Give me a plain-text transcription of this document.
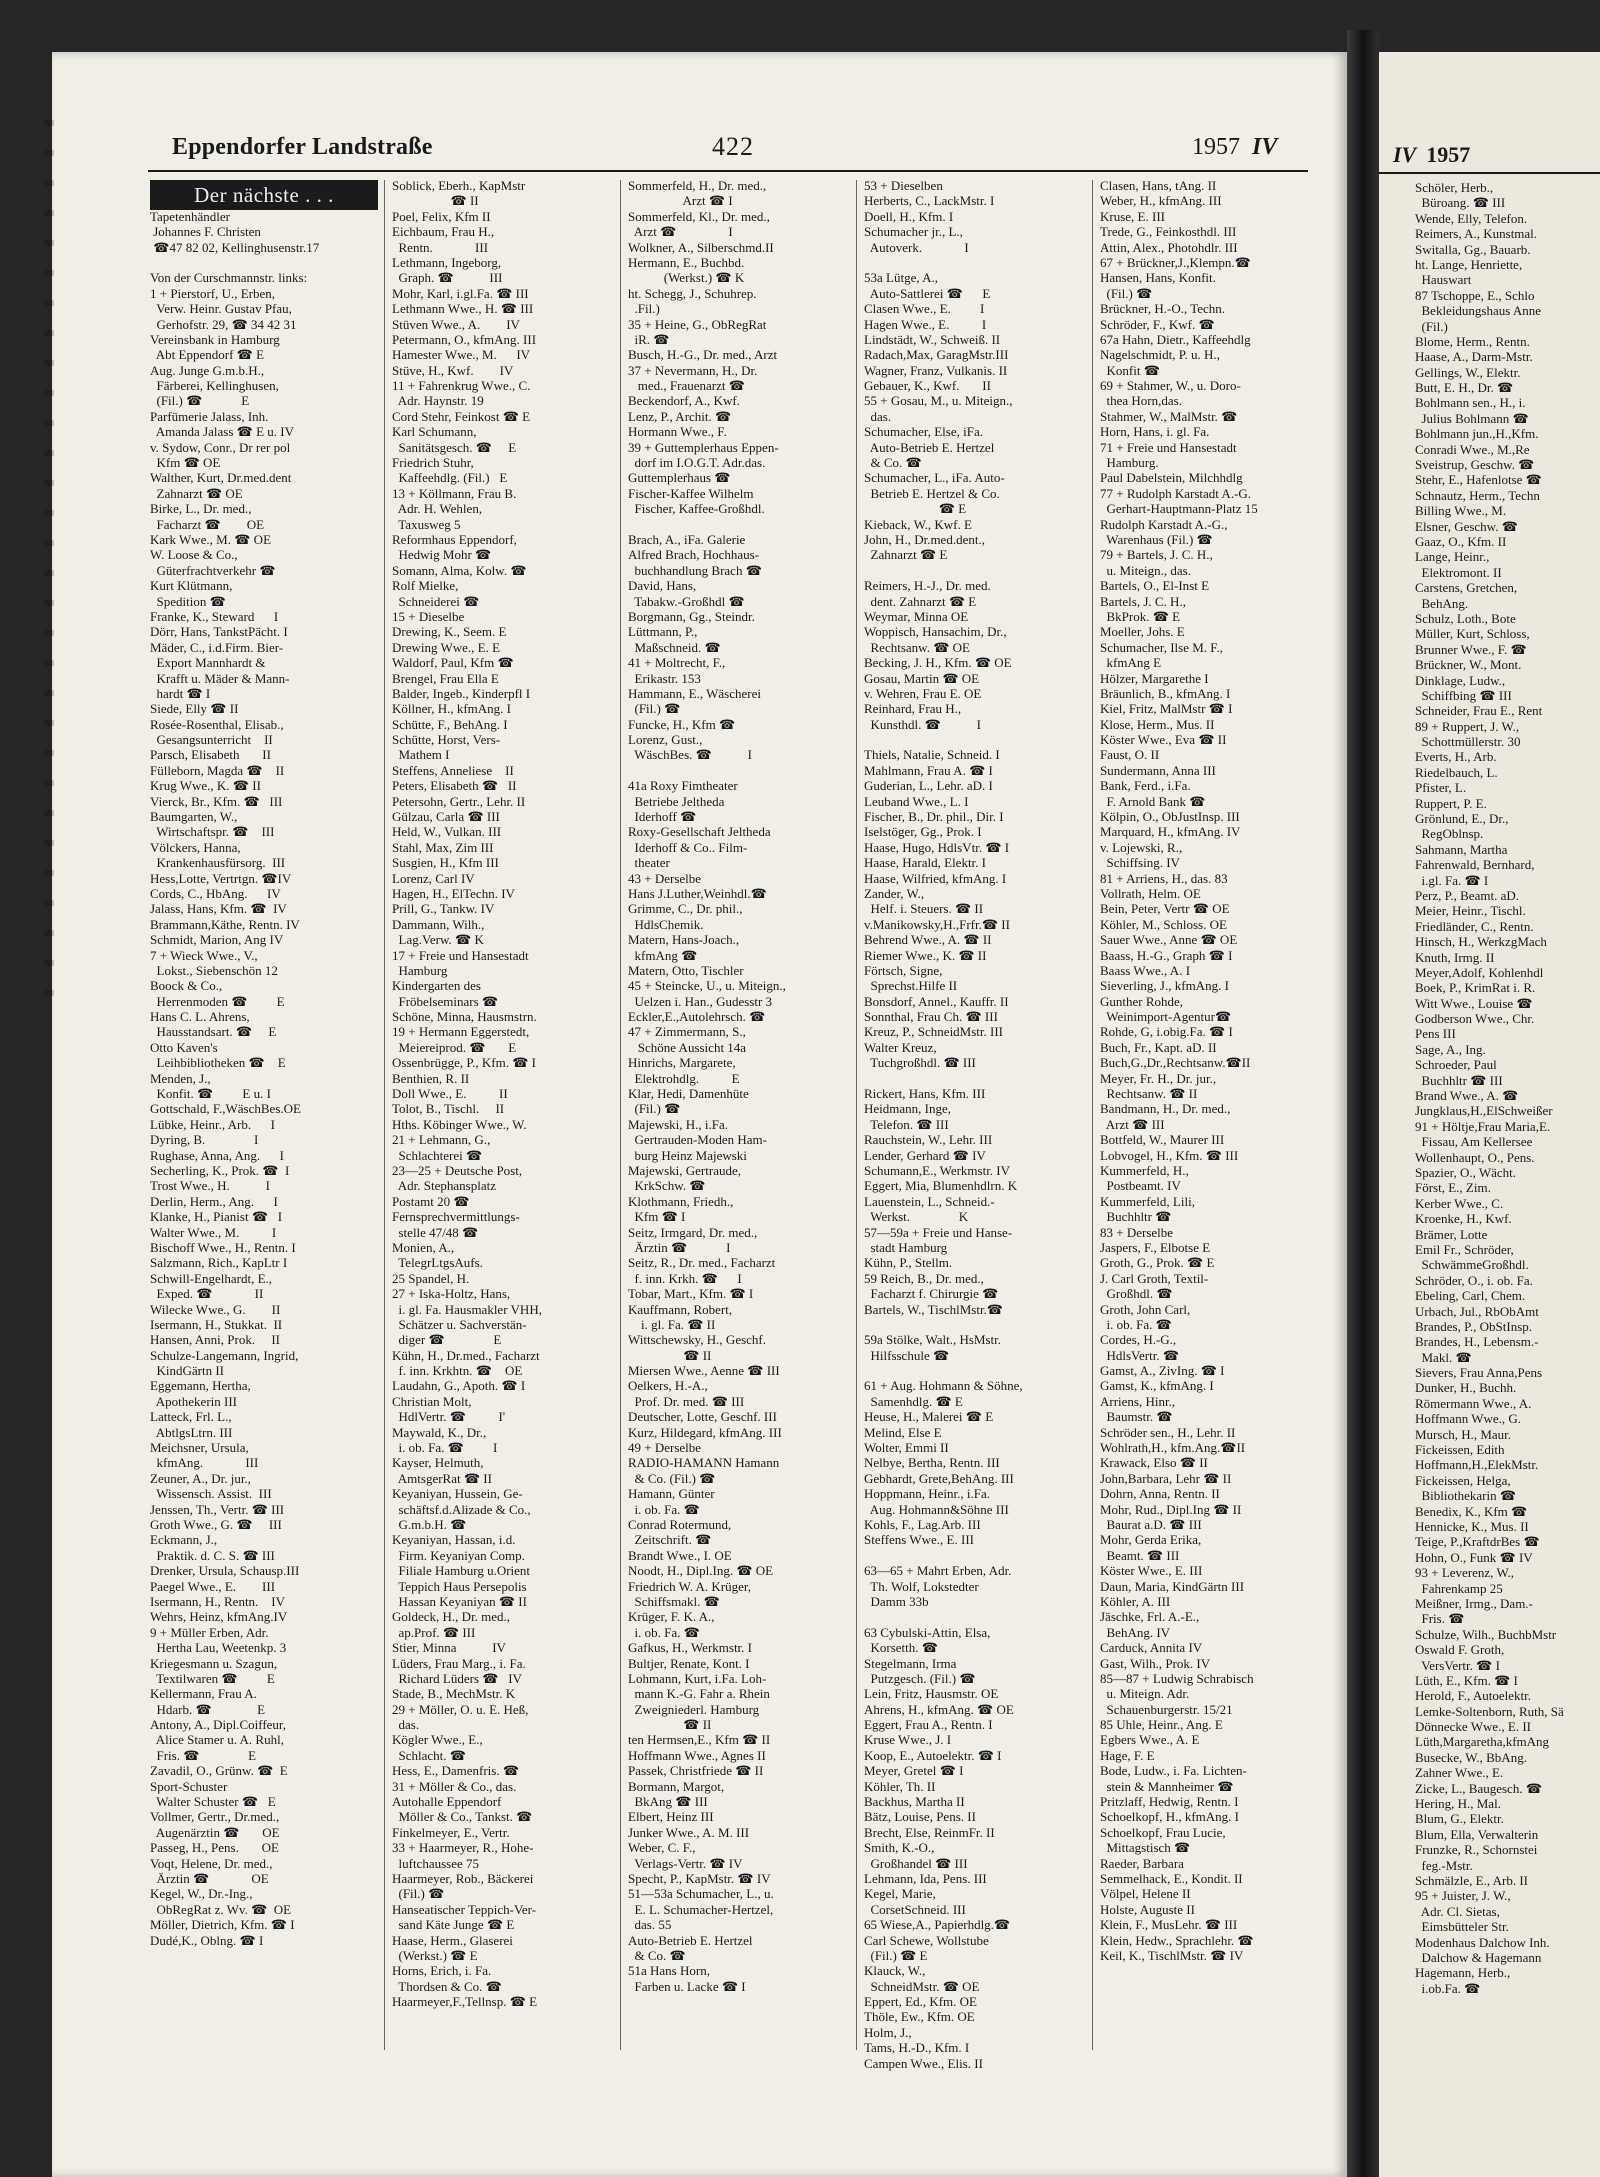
Eppendorfer Landstraße	422	1957 IV
Der nächste . . .
Tapetenhändler
Johannes F. Christen
☎47 82 02, Kellinghusenstr.17
Von der Curschmannstr. links:
1 + Pierstorf, U., Erben,
Verw. Heinr. Gustav Pfau,
Gerhofstr. 29, ☎ 34 42 31
Vereinsbank in Hamburg
Abt Eppendorf ☎ E
Aug. Junge G.m.b.H.,
Färberei, Kellinghusen,
(Fil.) ☎            E
Parfümerie Jalass, Inh.
Amanda Jalass ☎ E u. IV
v. Sydow, Conr., Dr rer pol
Kfm ☎ OE
Walther, Kurt, Dr.med.dent
Zahnarzt ☎ OE
Birke, L., Dr. med.,
Facharzt ☎        OE
Kark Wwe., M. ☎ OE
W. Loose & Co.,
Güterfrachtverkehr ☎
Kurt Klütmann,
Spedition ☎
Franke, K., Steward      I
Dörr, Hans, TankstPächt. I
Mäder, C., i.d.Firm. Bier-
Export Mannhardt &
Krafft u. Mäder & Mann-
hardt ☎ I
Siede, Elly ☎ II
Rosée-Rosenthal, Elisab.,
Gesangsunterricht    II
Parsch, Elisabeth       II
Fülleborn, Magda ☎    II
Krug Wwe., K. ☎ II
Vierck, Br., Kfm. ☎   III
Baumgarten, W.,
Wirtschaftspr. ☎    III
Völckers, Hanna,
Krankenhausfürsorg.  III
Hess,Lotte, Vertrtgn. ☎IV
Cords, C., HbAng.      IV
Jalass, Hans, Kfm. ☎  IV
Brammann,Käthe, Rentn. IV
Schmidt, Marion, Ang IV
7 + Wieck Wwe., V.,
Lokst., Siebenschön 12
Boock & Co.,
Herrenmoden ☎         E
Hans C. L. Ahrens,
Hausstandsart. ☎     E
Otto Kaven's
Leihbibliotheken ☎    E
Menden, J.,
Konfit. ☎         E u. I
Gottschald, F.,WäschBes.OE
Lübke, Heinr., Arb.      I
Dyring, B.               I
Rughase, Anna, Ang.      I
Secherling, K., Prok. ☎  I
Trost Wwe., H.           I
Derlin, Herm., Ang.      I
Klanke, H., Pianist ☎   I
Walter Wwe., M.          I
Bischoff Wwe., H., Rentn. I
Salzmann, Rich., KapLtr I
Schwill-Engelhardt, E.,
Exped. ☎             II
Wilecke Wwe., G.        II
Isermann, H., Stukkat.  II
Hansen, Anni, Prok.     II
Schulze-Langemann, Ingrid,
KindGärtn II
Eggemann, Hertha,
Apothekerin III
Latteck, Frl. L.,
AbtlgsLtrn. III
Meichsner, Ursula,
kfmAng.             III
Zeuner, A., Dr. jur.,
Wissensch. Assist.  III
Jenssen, Th., Vertr. ☎ III
Groth Wwe., G. ☎     III
Eckmann, J.,
Praktik. d. C. S. ☎ III
Drenker, Ursula, Schausp.III
Paegel Wwe., E.        III
Isermann, H., Rentn.    IV
Wehrs, Heinz, kfmAng.IV
9 + Müller Erben, Adr.
Hertha Lau, Weetenkp. 3
Kriegesmann u. Szagun,
Textilwaren ☎         E
Kellermann, Frau A.
Hdarb. ☎              E
Antony, A., Dipl.Coiffeur,
Alice Stamer u. A. Ruhl,
Fris. ☎               E
Zavadil, O., Grünw. ☎  E
Sport-Schuster
Walter Schuster ☎   E
Vollmer, Gertr., Dr.med.,
Augenärztin ☎       OE
Passeg, H., Pens.       OE
Voqt, Helene, Dr. med.,
Ärztin ☎             OE
Kegel, W., Dr.-Ing.,
ObRegRat z. Wv. ☎  OE
Möller, Dietrich, Kfm. ☎ I
Dudé,K., Oblng. ☎ I
Soblick, Eberh., KapMstr
☎ II
Poel, Felix, Kfm II
Eichbaum, Frau H.,
Rentn.             III
Lethmann, Ingeborg,
Graph. ☎           III
Mohr, Karl, i.gl.Fa. ☎ III
Lethmann Wwe., H. ☎ III
Stüven Wwe., A.        IV
Petermann, O., kfmAng. III
Hamester Wwe., M.      IV
Stüve, H., Kwf.        IV
11 + Fahrenkrug Wwe., C.
Adr. Haynstr. 19
Cord Stehr, Feinkost ☎ E
Karl Schumann,
Sanitätsgesch. ☎     E
Friedrich Stuhr,
Kaffeehdlg. (Fil.)   E
13 + Köllmann, Frau B.
Adr. H. Wehlen,
Taxusweg 5
Reformhaus Eppendorf,
Hedwig Mohr ☎
Somann, Alma, Kolw. ☎
Rolf Mielke,
Schneiderei ☎
15 + Dieselbe
Drewing, K., Seem. E
Drewing Wwe., E. E
Waldorf, Paul, Kfm ☎
Brengel, Frau Ella E
Balder, Ingeb., Kinderpfl I
Köllner, H., kfmAng. I
Schütte, F., BehAng. I
Schütte, Horst, Vers-
Mathem I
Steffens, Anneliese    II
Peters, Elisabeth ☎   II
Petersohn, Gertr., Lehr. II
Gülzau, Carla ☎ III
Held, W., Vulkan. III
Stahl, Max, Zim III
Susgien, H., Kfm III
Lorenz, Carl IV
Hagen, H., ElTechn. IV
Prill, G., Tankw. IV
Dammann, Wilh.,
Lag.Verw. ☎ K
17 + Freie und Hansestadt
Hamburg
Kindergarten des
Fröbelseminars ☎
Schöne, Minna, Hausmstrn.
19 + Hermann Eggerstedt,
Meiereiprod. ☎       E
Ossenbrügge, P., Kfm. ☎ I
Benthien, R. II
Doll Wwe., E.          II
Tolot, B., Tischl.     II
Hths. Köbinger Wwe., W.
21 + Lehmann, G.,
Schlachterei ☎
23—25 + Deutsche Post,
Adr. Stephansplatz
Postamt 20 ☎
Fernsprechvermittlungs-
stelle 47/48 ☎
Monien, A.,
TelegrLtgsAufs.
25 Spandel, H.
27 + Iska-Holtz, Hans,
i. gl. Fa. Hausmakler VHH,
Schätzer u. Sachverstän-
diger ☎               E
Kühn, H., Dr.med., Facharzt
f. inn. Krkhtn. ☎    OE
Laudahn, G., Apoth. ☎ I
Christian Molt,
HdlVertr. ☎          I'
Maywald, K., Dr.,
i. ob. Fa. ☎         I
Kayser, Helmuth,
AmtsgerRat ☎ II
Keyaniyan, Hussein, Ge-
schäftsf.d.Alizade & Co.,
G.m.b.H. ☎
Keyaniyan, Hassan, i.d.
Firm. Keyaniyan Comp.
Filiale Hamburg u.Orient
Teppich Haus Persepolis
Hassan Keyaniyan ☎ II
Goldeck, H., Dr. med.,
ap.Prof. ☎ III
Stier, Minna           IV
Lüders, Frau Marg., i. Fa.
Richard Lüders ☎   IV
Stade, B., MechMstr. K
29 + Möller, O. u. E. Heß,
das.
Kögler Wwe., E.,
Schlacht. ☎
Hess, E., Damenfris. ☎
31 + Möller & Co., das.
Autohalle Eppendorf
Möller & Co., Tankst. ☎
Finkelmeyer, E., Vertr.
33 + Haarmeyer, R., Hohe-
luftchaussee 75
Haarmeyer, Rob., Bäckerei
(Fil.) ☎
Hanseatischer Teppich-Ver-
sand Käte Junge ☎ E
Haase, Herm., Glaserei
(Werkst.) ☎ E
Horns, Erich, i. Fa.
Thordsen & Co. ☎
Haarmeyer,F.,Tellnsp. ☎ E
Sommerfeld, H., Dr. med.,
Arzt ☎ I
Sommerfeld, Kl., Dr. med.,
Arzt ☎                I
Wolkner, A., Silberschmd.II
Hermann, E., Buchbd.
(Werkst.) ☎ K
ht. Schegg, J., Schuhrep.
.Fil.)
35 + Heine, G., ObRegRat
iR. ☎
Busch, H.-G., Dr. med., Arzt
37 + Nevermann, H., Dr.
med., Frauenarzt ☎
Beckendorf, A., Kwf.
Lenz, P., Archit. ☎
Hormann Wwe., F.
39 + Guttemplerhaus Eppen-
dorf im I.O.G.T. Adr.das.
Guttemplerhaus ☎
Fischer-Kaffee Wilhelm
Fischer, Kaffee-Großhdl.
Brach, A., iFa. Galerie
Alfred Brach, Hochhaus-
buchhandlung Brach ☎
David, Hans,
Tabakw.-Großhdl ☎
Borgmann, Gg., Steindr.
Lüttmann, P.,
Maßschneid. ☎
41 + Moltrecht, F.,
Erikastr. 153
Hammann, E., Wäscherei
(Fil.) ☎
Funcke, H., Kfm ☎
Lorenz, Gust.,
WäschBes. ☎           I
41a Roxy Fimtheater
Betriebe Jeltheda
Iderhoff ☎
Roxy-Gesellschaft Jeltheda
Iderhoff & Co.. Film-
theater
43 + Derselbe
Hans J.Luther,Weinhdl.☎
Grimme, C., Dr. phil.,
HdlsChemik.
Matern, Hans-Joach.,
kfmAng ☎
Matern, Otto, Tischler
45 + Steincke, U., u. Miteign.,
Uelzen i. Han., Gudesstr 3
Eckler,E.,Autolehrsch. ☎
47 + Zimmermann, S.,
Schöne Aussicht 14a
Hinrichs, Margarete,
Elektrohdlg.          E
Klar, Hedi, Damenhüte
(Fil.) ☎
Majewski, H., i.Fa.
Gertrauden-Moden Ham-
burg Heinz Majewski
Majewski, Gertraude,
KrkSchw. ☎
Klothmann, Friedh.,
Kfm ☎ I
Seitz, Irmgard, Dr. med.,
Ärztin ☎            I
Seitz, R., Dr. med., Facharzt
f. inn. Krkh. ☎      I
Tobar, Mart., Kfm. ☎ I
Kauffmann, Robert,
i. gl. Fa. ☎ II
Wittschewsky, H., Geschf.
☎ II
Miersen Wwe., Aenne ☎ III
Oelkers, H.-A.,
Prof. Dr. med. ☎ III
Deutscher, Lotte, Geschf. III
Kurz, Hildegard, kfmAng. III
49 + Derselbe
RADIO-HAMANN Hamann
& Co. (Fil.) ☎
Hamann, Günter
i. ob. Fa. ☎
Conrad Rotermund,
Zeitschrift. ☎
Brandt Wwe., I. OE
Noodt, H., Dipl.Ing. ☎ OE
Friedrich W. A. Krüger,
Schiffsmakl. ☎
Krüger, F. K. A.,
i. ob. Fa. ☎
Gafkus, H., Werkmstr. I
Bultjer, Renate, Kont. I
Lohmann, Kurt, i.Fa. Loh-
mann K.-G. Fahr a. Rhein
Zweigniederl. Hamburg
☎ II
ten Hermsen,E., Kfm ☎ II
Hoffmann Wwe., Agnes II
Passek, Christfriede ☎ II
Bormann, Margot,
BkAng ☎ III
Elbert, Heinz III
Junker Wwe., A. M. III
Weber, C. F.,
Verlags-Vertr. ☎ IV
Specht, P., KapMstr. ☎ IV
51—53a Schumacher, L., u.
E. L. Schumacher-Hertzel,
das. 55
Auto-Betrieb E. Hertzel
& Co. ☎
51a Hans Horn,
Farben u. Lacke ☎ I
53 + Dieselben
Herberts, C., LackMstr. I
Doell, H., Kfm. I
Schumacher jr., L.,
Autoverk.             I
53a Lütge, A.,
Auto-Sattlerei ☎      E
Clasen Wwe., E.         I
Hagen Wwe., E.          I
Lindstädt, W., Schweiß. II
Radach,Max, GaragMstr.III
Wagner, Franz, Vulkanis. II
Gebauer, K., Kwf.       II
55 + Gosau, M., u. Miteign.,
das.
Schumacher, Else, iFa.
Auto-Betrieb E. Hertzel
& Co. ☎
Schumacher, L., iFa. Auto-
Betrieb E. Hertzel & Co.
☎ E
Kieback, W., Kwf. E
John, H., Dr.med.dent.,
Zahnarzt ☎ E
Reimers, H.-J., Dr. med.
dent. Zahnarzt ☎ E
Weymar, Minna OE
Woppisch, Hansachim, Dr.,
Rechtsanw. ☎ OE
Becking, J. H., Kfm. ☎ OE
Gosau, Martin ☎ OE
v. Wehren, Frau E. OE
Reinhard, Frau H.,
Kunsthdl. ☎           I
Thiels, Natalie, Schneid. I
Mahlmann, Frau A. ☎ I
Guderian, L., Lehr. aD. I
Leuband Wwe., L. I
Fischer, B., Dr. phil., Dir. I
Iselstöger, Gg., Prok. I
Haase, Hugo, HdlsVtr. ☎ I
Haase, Harald, Elektr. I
Haase, Wilfried, kfmAng. I
Zander, W.,
Helf. i. Steuers. ☎ II
v.Manikowsky,H.,Frfr.☎ II
Behrend Wwe., A. ☎ II
Riemer Wwe., K. ☎ II
Förtsch, Signe,
Sprechst.Hilfe II
Bonsdorf, Annel., Kauffr. II
Sonnthal, Frau Ch. ☎ III
Kreuz, P., SchneidMstr. III
Walter Kreuz,
Tuchgroßhdl. ☎ III
Rickert, Hans, Kfm. III
Heidmann, Inge,
Telefon. ☎ III
Rauchstein, W., Lehr. III
Lender, Gerhard ☎ IV
Schumann,E., Werkmstr. IV
Eggert, Mia, Blumenhdlrn. K
Lauenstein, L., Schneid.-
Werkst.               K
57—59a + Freie und Hanse-
stadt Hamburg
Kühn, P., Stellm.
59 Reich, B., Dr. med.,
Facharzt f. Chirurgie ☎
Bartels, W., TischlMstr.☎
59a Stölke, Walt., HsMstr.
Hilfsschule ☎
61 + Aug. Hohmann & Söhne,
Samenhdlg. ☎ E
Heuse, H., Malerei ☎ E
Melind, Else E
Wolter, Emmi II
Nelbye, Bertha, Rentn. III
Gebhardt, Grete,BehAng. III
Hoppmann, Heinr., i.Fa.
Aug. Hohmann&Söhne III
Kohls, F., Lag.Arb. III
Steffens Wwe., E. III
63—65 + Mahrt Erben, Adr.
Th. Wolf, Lokstedter
Damm 33b
63 Cybulski-Attin, Elsa,
Korsetth. ☎
Stegelmann, Irma
Putzgesch. (Fil.) ☎
Lein, Fritz, Hausmstr. OE
Ahrens, H., kfmAng. ☎ OE
Eggert, Frau A., Rentn. I
Kruse Wwe., J. I
Koop, E., Autoelektr. ☎ I
Meyer, Gretel ☎ I
Köhler, Th. II
Backhus, Martha II
Bätz, Louise, Pens. II
Brecht, Else, ReinmFr. II
Smith, K.-O.,
Großhandel ☎ III
Lehmann, Ida, Pens. III
Kegel, Marie,
CorsetSchneid. III
65 Wiese,A., Papierhdlg.☎
Carl Schewe, Wollstube
(Fil.) ☎ E
Klauck, W.,
SchneidMstr. ☎ OE
Eppert, Ed., Kfm. OE
Thöle, Ew., Kfm. OE
Holm, J.,
Tams, H.-D., Kfm. I
Campen Wwe., Elis. II
Clasen, Hans, tAng. II
Weber, H., kfmAng. III
Kruse, E. III
Trede, G., Feinkosthdl. III
Attin, Alex., Photohdlr. III
67 + Brückner,J.,Klempn.☎
Hansen, Hans, Konfit.
(Fil.) ☎
Brückner, H.-O., Techn.
Schröder, F., Kwf. ☎
67a Hahn, Dietr., Kaffeehdlg
Nagelschmidt, P. u. H.,
Konfit ☎
69 + Stahmer, W., u. Doro-
thea Horn,das.
Stahmer, W., MalMstr. ☎
Horn, Hans, i. gl. Fa.
71 + Freie und Hansestadt
Hamburg.
Paul Dabelstein, Milchhdlg
77 + Rudolph Karstadt A.-G.
Gerhart-Hauptmann-Platz 15
Rudolph Karstadt A.-G.,
Warenhaus (Fil.) ☎
79 + Bartels, J. C. H.,
u. Miteign., das.
Bartels, O., El-Inst E
Bartels, J. C. H.,
BkProk. ☎ E
Moeller, Johs. E
Schumacher, Ilse M. F.,
kfmAng E
Hölzer, Margarethe I
Bräunlich, B., kfmAng. I
Kiel, Fritz, MalMstr ☎ I
Klose, Herm., Mus. II
Köster Wwe., Eva ☎ II
Faust, O. II
Sundermann, Anna III
Bank, Ferd., i.Fa.
F. Arnold Bank ☎
Kölpin, O., ObJustInsp. III
Marquard, H., kfmAng. IV
v. Lojewski, R.,
Schiffsing. IV
81 + Arriens, H., das. 83
Vollrath, Helm. OE
Bein, Peter, Vertr ☎ OE
Köhler, M., Schloss. OE
Sauer Wwe., Anne ☎ OE
Baass, H.-G., Graph ☎ I
Baass Wwe., A. I
Sieverling, J., kfmAng. I
Gunther Rohde,
Weinimport-Agentur☎
Rohde, G, i.obig.Fa. ☎ I
Buch, Fr., Kapt. aD. II
Buch,G.,Dr.,Rechtsanw.☎II
Meyer, Fr. H., Dr. jur.,
Rechtsanw. ☎ II
Bandmann, H., Dr. med.,
Arzt ☎ III
Bottfeld, W., Maurer III
Lobvogel, H., Kfm. ☎ III
Kummerfeld, H.,
Postbeamt. IV
Kummerfeld, Lili,
Buchhltr ☎
83 + Derselbe
Jaspers, F., Elbotse E
Groth, G., Prok. ☎ E
J. Carl Groth, Textil-
Großhdl. ☎
Groth, John Carl,
i. ob. Fa. ☎
Cordes, H.-G.,
HdlsVertr. ☎
Gamst, A., ZivIng. ☎ I
Gamst, K., kfmAng. I
Arriens, Hinr.,
Baumstr. ☎
Schröder sen., H., Lehr. II
Wohlrath,H., kfm.Ang.☎II
Krawack, Elso ☎ II
John,Barbara, Lehr ☎ II
Dohrn, Anna, Rentn. II
Mohr, Rud., Dipl.Ing ☎ II
Baurat a.D. ☎ III
Mohr, Gerda Erika,
Beamt. ☎ III
Köster Wwe., E. III
Daun, Maria, KindGärtn III
Köhler, A. III
Jäschke, Frl. A.-E.,
BehAng. IV
Carduck, Annita IV
Gast, Wilh., Prok. IV
85—87 + Ludwig Schrabisch
u. Miteign. Adr.
Schauenburgerstr. 15/21
85 Uhle, Heinr., Ang. E
Egbers Wwe., A. E
Hage, F. E
Bode, Ludw., i. Fa. Lichten-
stein & Mannheimer ☎
Pritzlaff, Hedwig, Rentn. I
Schoelkopf, H., kfmAng. I
Schoelkopf, Frau Lucie,
Mittagstisch ☎
Raeder, Barbara
Semmelhack, E., Kondit. II
Völpel, Helene II
Holste, Auguste II
Klein, F., MusLehr. ☎ III
Klein, Hedw., Sprachlehr. ☎
Keil, K., TischlMstr. ☎ IV
IV 1957
Schöler, Herb.,
Büroang. ☎ III
Wende, Elly, Telefon.
Reimers, A., Kunstmal.
Switalla, Gg., Bauarb.
ht. Lange, Henriette,
Hauswart
87 Tschoppe, E., Schlo
Bekleidungshaus Anne
(Fil.)
Blome, Herm., Rentn.
Haase, A., Darm-Mstr.
Gellings, W., Elektr.
Butt, E. H., Dr. ☎
Bohlmann sen., H., i.
Julius Bohlmann ☎
Bohlmann jun.,H.,Kfm.
Conradi Wwe., M.,Re
Sveistrup, Geschw. ☎
Stehr, E., Hafenlotse ☎
Schnautz, Herm., Techn
Billing Wwe., M.
Elsner, Geschw. ☎
Gaaz, O., Kfm. II
Lange, Heinr.,
Elektromont. II
Carstens, Gretchen,
BehAng.
Schulz, Loth., Bote
Müller, Kurt, Schloss,
Brunner Wwe., F. ☎
Brückner, W., Mont.
Dinklage, Ludw.,
Schiffbing ☎ III
Schneider, Frau E., Rent
89 + Ruppert, J. W.,
Schottmüllerstr. 30
Everts, H., Arb.
Riedelbauch, L.
Pfister, L.
Ruppert, P. E.
Grönlund, E., Dr.,
RegOblnsp.
Sahmann, Martha
Fahrenwald, Bernhard,
i.gl. Fa. ☎ I
Perz, P., Beamt. aD.
Meier, Heinr., Tischl.
Friedländer, C., Rentn.
Hinsch, H., WerkzgMach
Knuth, Irmg. II
Meyer,Adolf, Kohlenhdl
Boek, P., KrimRat i. R.
Witt Wwe., Louise ☎
Godberson Wwe., Chr.
Pens III
Sage, A., Ing.
Schroeder, Paul
Buchhltr ☎ III
Brand Wwe., A. ☎
Jungklaus,H.,ElSchweißer
91 + Höltje,Frau Maria,E.
Fissau, Am Kellersee
Wollenhaupt, O., Pens.
Spazier, O., Wächt.
Först, E., Zim.
Kerber Wwe., C.
Kroenke, H., Kwf.
Brämer, Lotte
Emil Fr., Schröder,
SchwämmeGroßhdl.
Schröder, O., i. ob. Fa.
Ebeling, Carl, Chem.
Urbach, Jul., RbObAmt
Brandes, P., ObStInsp.
Brandes, H., Lebensm.-
Makl. ☎
Sievers, Frau Anna,Pens
Dunker, H., Buchh.
Römermann Wwe., A.
Hoffmann Wwe., G.
Mursch, H., Maur.
Fickeissen, Edith
Hoffmann,H.,ElekMstr.
Fickeissen, Helga,
Bibliothekarin ☎
Benedix, K., Kfm ☎
Hennicke, K., Mus. II
Teige, P.,KraftdrBes ☎
Hohn, O., Funk ☎ IV
93 + Leverenz, W.,
Fahrenkamp 25
Meißner, Irmg., Dam.-
Fris. ☎
Schulze, Wilh., BuchbMstr
Oswald F. Groth,
VersVertr. ☎ I
Lüth, E., Kfm. ☎ I
Herold, F., Autoelektr.
Lemke-Soltenborn, Ruth, Sä
Dönnecke Wwe., E. II
Lüth,Margaretha,kfmAng
Busecke, W., BbAng.
Zahner Wwe., E.
Zicke, L., Baugesch. ☎
Hering, H., Mal.
Blum, G., Elektr.
Blum, Ella, Verwalterin
Frunzke, R., Schornstei
feg.-Mstr.
Schmälzle, E., Arb. II
95 + Juister, J. W.,
Adr. Cl. Sietas,
Eimsbütteler Str.
Modenhaus Dalchow Inh.
Dalchow & Hagemann
Hagemann, Herb.,
i.ob.Fa. ☎
